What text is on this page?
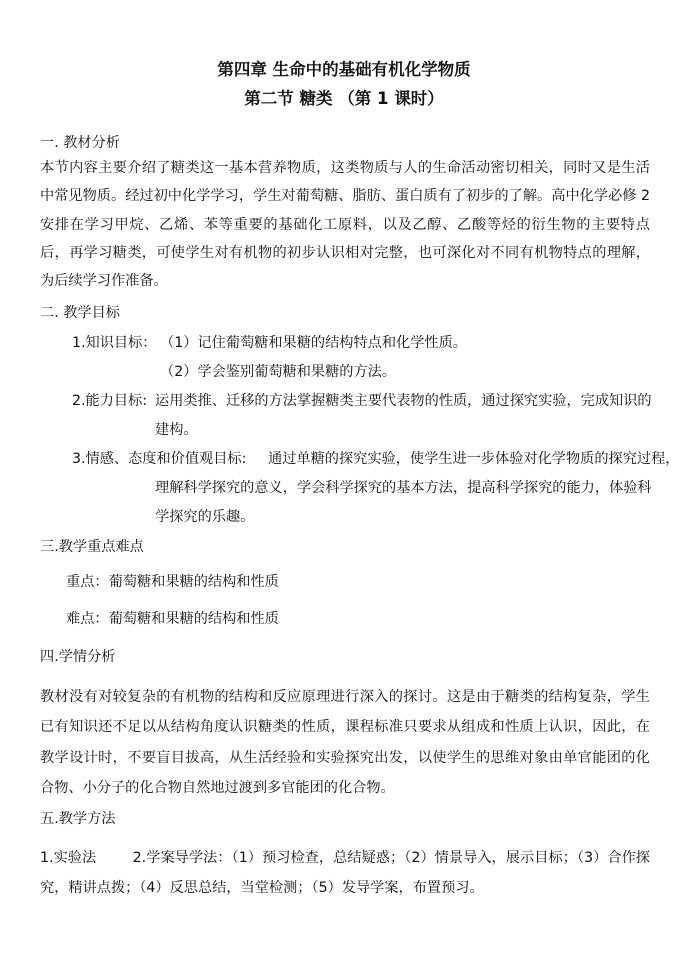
第四章 生命中的基础有机化学物质
第二节 糖类 （第 1 课时）
一. 教材分析
本节内容主要介绍了糖类这一基本营养物质，这类物质与人的生命活动密切相关，同时又是生活中常见物质。经过初中化学学习，学生对葡萄糖、脂肪、蛋白质有了初步的了解。高中化学必修 2 安排在学习甲烷、乙烯、苯等重要的基础化工原料，以及乙醇、乙酸等烃的衍生物的主要特点后，再学习糖类，可使学生对有机物的初步认识相对完整，也可深化对不同有机物特点的理解，为后续学习作准备。
二. 教学目标
1.知识目标： （1）记住葡萄糖和果糖的结构特点和化学性质。
（2）学会鉴别葡萄糖和果糖的方法。
2.能力目标: 运用类推、迁移的方法掌握糖类主要代表物的性质，通过探究实验，完成知识的
建构。
3.情感、态度和价值观目标: 通过单糖的探究实验，使学生进一步体验对化学物质的探究过程，
理解科学探究的意义，学会科学探究的基本方法，提高科学探究的能力，体验科
学探究的乐趣。
三.教学重点难点
重点：葡萄糖和果糖的结构和性质
难点：葡萄糖和果糖的结构和性质
四.学情分析
教材没有对较复杂的有机物的结构和反应原理进行深入的探讨。这是由于糖类的结构复杂，学生已有知识还不足以从结构角度认识糖类的性质，课程标准只要求从组成和性质上认识，因此，在教学设计时，不要盲目拔高，从生活经验和实验探究出发，以使学生的思维对象由单官能团的化合物、小分子的化合物自然地过渡到多官能团的化合物。
五.教学方法
1.实验法        2.学案导学法：（1）预习检查，总结疑惑；（2）情景导入，展示目标；（3）合作探究，精讲点拨；（4）反思总结，当堂检测；（5）发导学案，布置预习。
